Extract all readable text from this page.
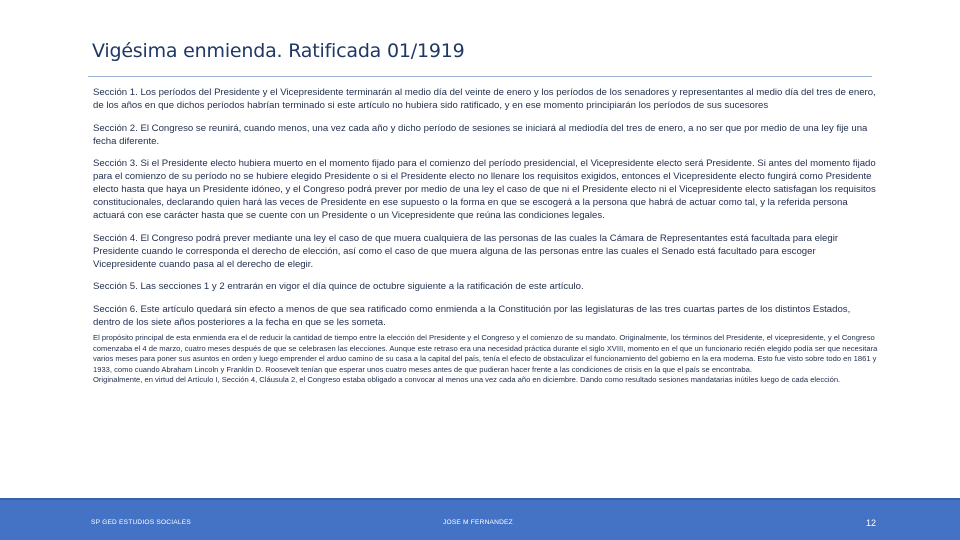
Vigésima enmienda. Ratificada 01/1919

Sección 1. Los períodos del Presidente y el Vicepresidente terminarán al medio día del veinte de enero y los períodos de los senadores y representantes al medio día del tres de enero, de los años en que dichos períodos habrían terminado si este artículo no hubiera sido ratificado, y en ese momento principiarán los períodos de sus sucesores

Sección 2. El Congreso se reunirá, cuando menos, una vez cada año y dicho período de sesiones se iniciará al mediodía del tres de enero, a no ser que por medio de una ley fije una fecha diferente.

Sección 3. Si el Presidente electo hubiera muerto en el momento fijado para el comienzo del período presidencial, el Vicepresidente electo será Presidente. Si antes del momento fijado para el comienzo de su período no se hubiere elegido Presidente o si el Presidente electo no llenare los requisitos exigidos, entonces el Vicepresidente electo fungirá como Presidente electo hasta que haya un Presidente idóneo, y el Congreso podrá prever por medio de una ley el caso de que ni el Presidente electo ni el Vicepresidente electo satisfagan los requisitos constitucionales, declarando quien hará las veces de Presidente en ese supuesto o la forma en que se escogerá a la persona que habrá de actuar como tal, y la referida persona actuará con ese carácter hasta que se cuente con un Presidente o un Vicepresidente que reúna las condiciones legales.

Sección 4. El Congreso podrá prever mediante una ley el caso de que muera cualquiera de las personas de las cuales la Cámara de Representantes está facultada para elegir Presidente cuando le corresponda el derecho de elección, así como el caso de que muera alguna de las personas entre las cuales el Senado está facultado para escoger Vicepresidente cuando pasa al el derecho de elegir.

Sección 5. Las secciones 1 y 2 entrarán en vigor el día quince de octubre siguiente a la ratificación de este artículo.

Sección 6. Este artículo quedará sin efecto a menos de que sea ratificado como enmienda a la Constitución por las legislaturas de las tres cuartas partes de los distintos Estados, dentro de los siete años posteriores a la fecha en que se les someta.

El propósito principal de esta enmienda era el de reducir la cantidad de tiempo entre la elección del Presidente y el Congreso y el comienzo de su mandato. Originalmente, los términos del Presidente, el vicepresidente, y el Congreso comenzaba el 4 de marzo, cuatro meses después de que se celebrasen las elecciones. Aunque este retraso era una necesidad práctica durante el siglo XVIII, momento en el que un funcionario recién elegido podía ser que necesitara varios meses para poner sus asuntos en orden y luego emprender el arduo camino de su casa a la capital del país, tenía el efecto de obstaculizar el funcionamiento del gobierno en la era moderna. Esto fue visto sobre todo en 1861 y 1933, como cuando Abraham Lincoln y Franklin D. Roosevelt tenían que esperar unos cuatro meses antes de que pudieran hacer frente a las condiciones de crisis en la que el país se encontraba.

Originalmente, en virtud del Artículo I, Sección 4, Cláusula 2, el Congreso estaba obligado a convocar al menos una vez cada año en diciembre. Dando como resultado sesiones mandatarias inútiles luego de cada elección.

SP GED ESTUDIOS SOCIALES	JOSE M FERNANDEZ	12
